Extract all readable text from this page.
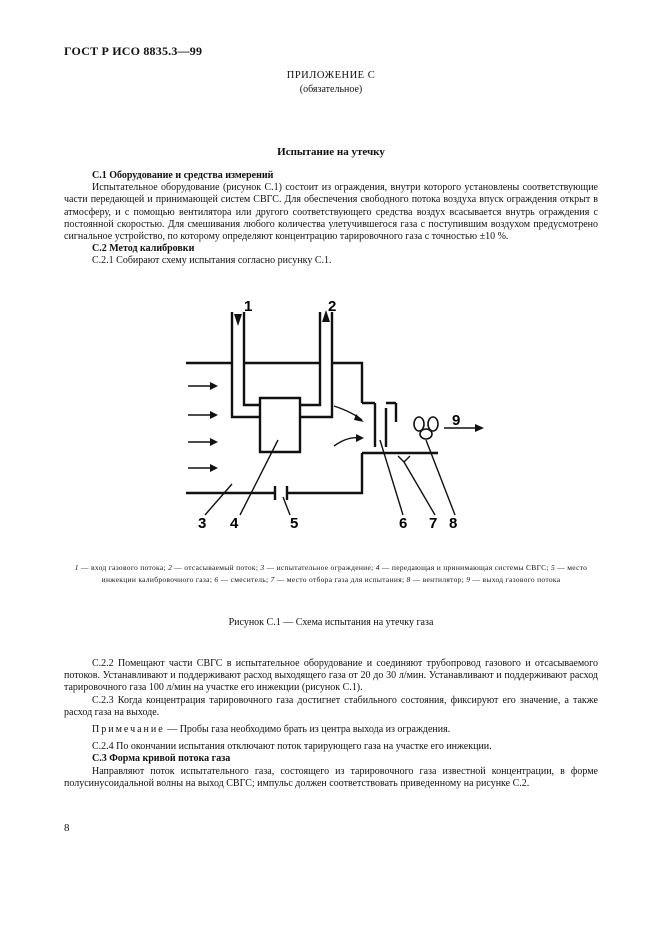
ГОСТ Р ИСО 8835.3—99
ПРИЛОЖЕНИЕ С
(обязательное)
Испытание на утечку
С.1 Оборудование и средства измерений
Испытательное оборудование (рисунок С.1) состоит из ограждения, внутри которого установлены соответствующие части передающей и принимающей систем СВГС. Для обеспечения свободного потока воздуха впуск ограждения открыт в атмосферу, и с помощью вентилятора или другого соответствующего средства воздух всасывается внутрь ограждения с постоянной скоростью. Для смешивания любого количества улетучившегося газа с поступившим воздухом предусмотрено сигнальное устройство, по которому определяют концентрацию тарировочного газа с точностью ±10 %.
С.2 Метод калибровки
С.2.1 Собирают схему испытания согласно рисунку С.1.
1	2
3 4	5	6 7 8
9
1 — вход газового потока; 2 — отсасываемый поток; 3 — испытательное ограждение; 4 — передающая и принимающая системы СВГС; 5 — место инжекции калибровочного газа; 6 — смеситель; 7 — место отбора газа для испытания; 8 — вентилятор; 9 — выход газового потока
Рисунок С.1 — Схема испытания на утечку газа
С.2.2 Помещают части СВГС в испытательное оборудование и соединяют трубопровод газового и отсасываемого потоков. Устанавливают и поддерживают расход выходящего газа от 20 до 30 л/мин. Устанавливают и поддерживают расход тарировочного газа 100 л/мин на участке его инжекции (рисунок С.1).
С.2.3 Когда концентрация тарировочного газа достигнет стабильного состояния, фиксируют его значение, а также расход газа на выходе.
Примечание — Пробы газа необходимо брать из центра выхода из ограждения.
С.2.4 По окончании испытания отключают поток тарирующего газа на участке его инжекции.
С.3 Форма кривой потока газа
Направляют поток испытательного газа, состоящего из тарировочного газа известной концентрации, в форме полусинусоидальной волны на выход СВГС; импульс должен соответствовать приведенному на рисунке С.2.
8
